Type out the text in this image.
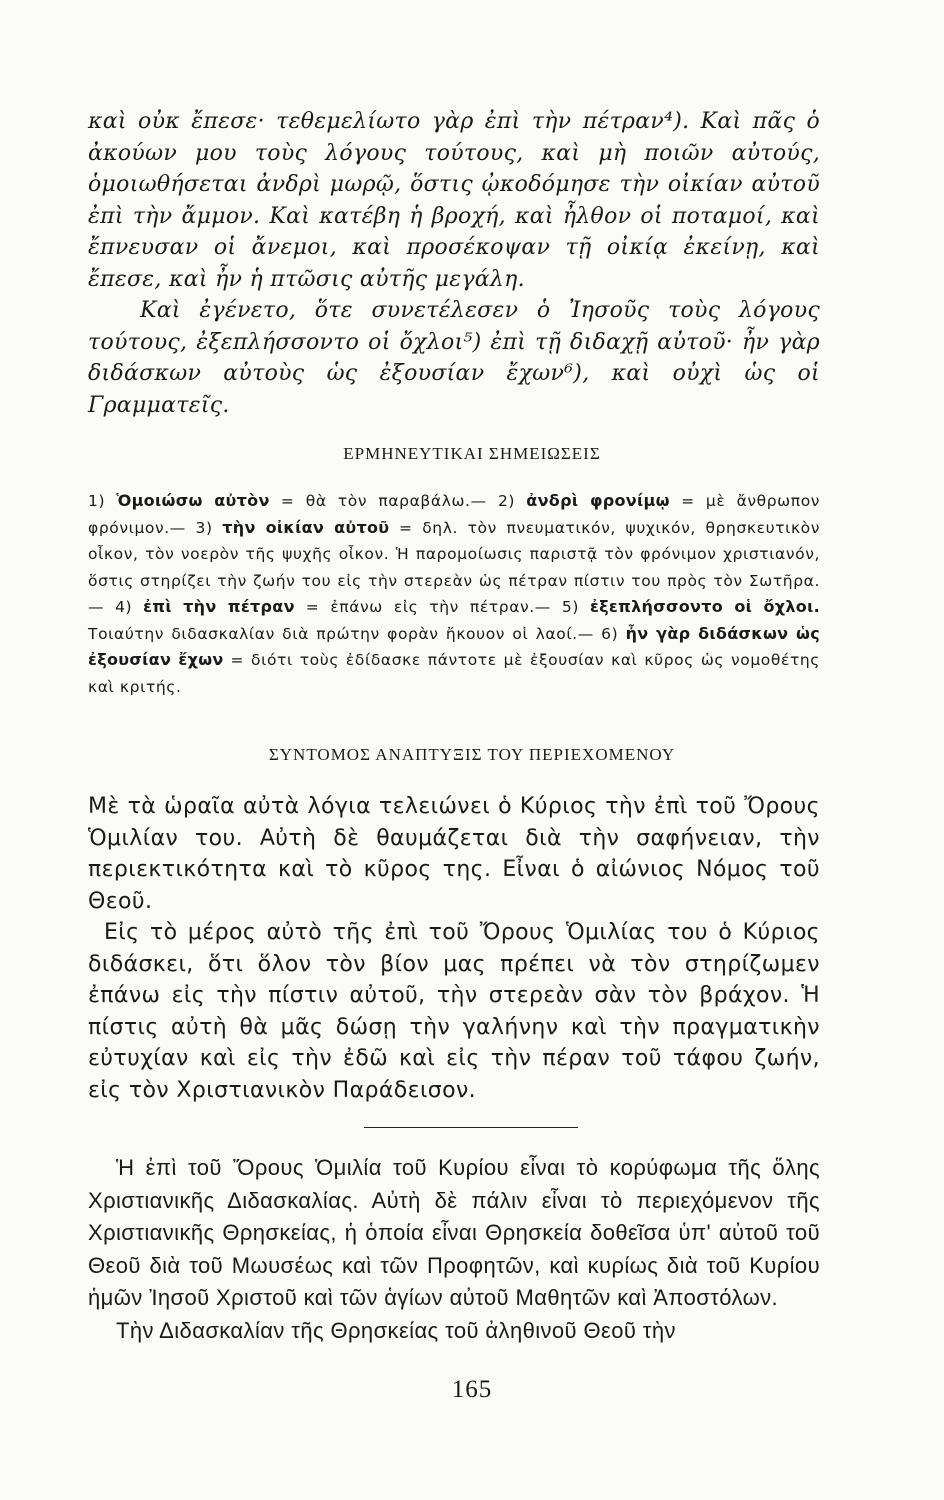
καὶ οὐκ ἔπεσε· τεθεμελίωτο γὰρ ἐπὶ τὴν πέτραν⁴). Καὶ πᾶς ὁ ἀκούων μου τοὺς λόγους τούτους, καὶ μὴ ποιῶν αὐτούς, ὁμοιωθήσεται ἀνδρὶ μωρῷ, ὅστις ᾠκοδόμησε τὴν οἰκίαν αὐτοῦ ἐπὶ τὴν ἄμμον. Καὶ κατέβη ἡ βροχή, καὶ ἦλθον οἱ ποταμοί, καὶ ἔπνευσαν οἱ ἄνεμοι, καὶ προσέκοψαν τῇ οἰκίᾳ ἐκείνῃ, καὶ ἔπεσε, καὶ ἦν ἡ πτῶσις αὐτῆς μεγάλη.

Καὶ ἐγένετο, ὅτε συνετέλεσεν ὁ Ἰησοῦς τοὺς λόγους τούτους, ἐξεπλήσσοντο οἱ ὄχλοι⁵) ἐπὶ τῇ διδαχῇ αὐτοῦ· ἦν γὰρ διδάσκων αὐτοὺς ὡς ἐξουσίαν ἔχων⁶), καὶ οὐχὶ ὡς οἱ Γραμματεῖς.

ΕΡΜΗΝΕΥΤΙΚΑΙ ΣΗΜΕΙΩΣΕΙΣ
1) Ὁμοιώσω αὐτὸν = θὰ τὸν παραβάλω.— 2) ἀνδρὶ φρονίμῳ = μὲ ἄνθρωπον φρόνιμον.— 3) τὴν οἰκίαν αὐτοῦ = δηλ. τὸν πνευματικόν, ψυχικόν, θρησκευτικὸν οἶκον, τὸν νοερὸν τῆς ψυχῆς οἶκον. Ἡ παρομοίωσις παριστᾷ τὸν φρόνιμον χριστιανόν, ὅστις στηρίζει τὴν ζωήν του εἰς τὴν στερεὰν ὡς πέτραν πίστιν του πρὸς τὸν Σωτῆρα.— 4) ἐπὶ τὴν πέτραν = ἐπάνω εἰς τὴν πέτραν.— 5) ἐξεπλήσσοντο οἱ ὄχλοι. Τοιαύτην διδασκαλίαν διὰ πρώτην φορὰν ἤκουον οἱ λαοί.— 6) ἦν γὰρ διδάσκων ὡς ἐξουσίαν ἔχων = διότι τοὺς ἐδίδασκε πάντοτε μὲ ἐξουσίαν καὶ κῦρος ὡς νομοθέτης καὶ κριτής.
ΣΥΝΤΟΜΟΣ ΑΝΑΠΤΥΞΙΣ ΤΟΥ ΠΕΡΙΕΧΟΜΕΝΟΥ

Μὲ τὰ ὡραῖα αὐτὰ λόγια τελειώνει ὁ Κύριος τὴν ἐπὶ τοῦ Ὄρους Ὁμιλίαν του. Αὐτὴ δὲ θαυμάζεται διὰ τὴν σαφήνειαν, τὴν περιεκτικότητα καὶ τὸ κῦρος της. Εἶναι ὁ αἰώνιος Νόμος τοῦ Θεοῦ.

Εἰς τὸ μέρος αὐτὸ τῆς ἐπὶ τοῦ Ὄρους Ὁμιλίας του ὁ Κύριος διδάσκει, ὅτι ὅλον τὸν βίον μας πρέπει νὰ τὸν στηρίζωμεν ἐπάνω εἰς τὴν πίστιν αὐτοῦ, τὴν στερεὰν σὰν τὸν βράχον. Ἡ πίστις αὐτὴ θὰ μᾶς δώσῃ τὴν γαλήνην καὶ τὴν πραγματικὴν εὐτυχίαν καὶ εἰς τὴν ἐδῶ καὶ εἰς τὴν πέραν τοῦ τάφου ζωήν, εἰς τὸν Χριστιανικὸν Παράδεισον.

Ἡ ἐπὶ τοῦ Ὄρους Ὁμιλία τοῦ Κυρίου εἶναι τὸ κορύφωμα τῆς ὅλης Χριστιανικῆς Διδασκαλίας. Αὐτὴ δὲ πάλιν εἶναι τὸ περιεχόμενον τῆς Χριστιανικῆς Θρησκείας, ἡ ὁποία εἶναι Θρησκεία δοθεῖσα ὑπ' αὐτοῦ τοῦ Θεοῦ διὰ τοῦ Μωυσέως καὶ τῶν Προφητῶν, καὶ κυρίως διὰ τοῦ Κυρίου ἡμῶν Ἰησοῦ Χριστοῦ καὶ τῶν ἁγίων αὐτοῦ Μαθητῶν καὶ Ἀποστόλων.

Τὴν Διδασκαλίαν τῆς Θρησκείας τοῦ ἀληθινοῦ Θεοῦ τὴν

165
